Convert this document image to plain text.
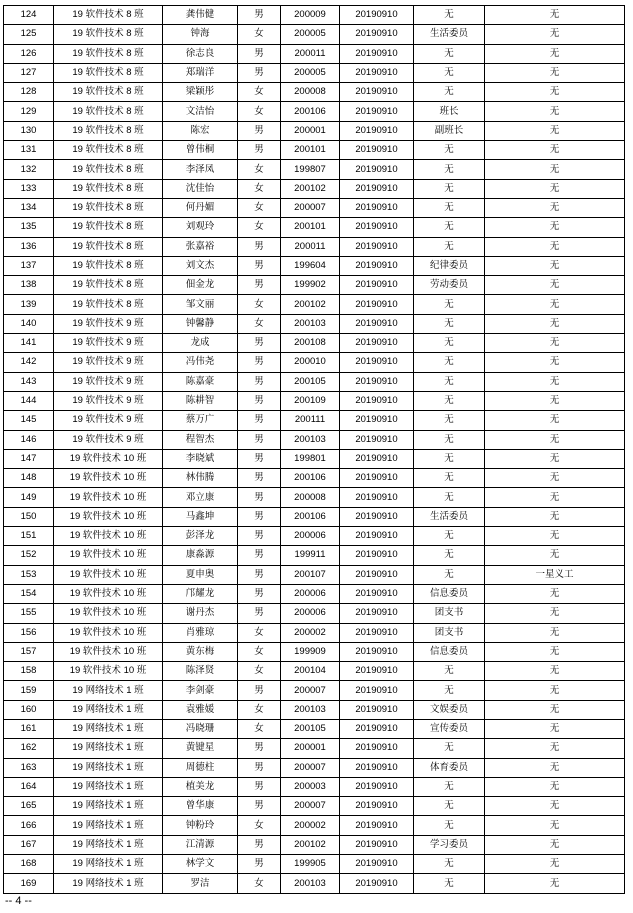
124	19 软件技术 8 班	龚伟健	男	200009	20190910	无	无
125	19 软件技术 8 班	钟海	女	200005	20190910	生活委员	无
126	19 软件技术 8 班	徐志良	男	200011	20190910	无	无
127	19 软件技术 8 班	郑瑞洋	男	200005	20190910	无	无
128	19 软件技术 8 班	梁颖彤	女	200008	20190910	无	无
129	19 软件技术 8 班	文洁怡	女	200106	20190910	班长	无
130	19 软件技术 8 班	陈宏	男	200001	20190910	副班长	无
131	19 软件技术 8 班	曾伟桐	男	200101	20190910	无	无
132	19 软件技术 8 班	李泽凤	女	199807	20190910	无	无
133	19 软件技术 8 班	沈佳怡	女	200102	20190910	无	无
134	19 软件技术 8 班	何丹媚	女	200007	20190910	无	无
135	19 软件技术 8 班	刘观玲	女	200101	20190910	无	无
136	19 软件技术 8 班	张嘉裕	男	200011	20190910	无	无
137	19 软件技术 8 班	刘文杰	男	199604	20190910	纪律委员	无
138	19 软件技术 8 班	佃金龙	男	199902	20190910	劳动委员	无
139	19 软件技术 8 班	邹文丽	女	200102	20190910	无	无
140	19 软件技术 9 班	钟馨静	女	200103	20190910	无	无
141	19 软件技术 9 班	龙成	男	200108	20190910	无	无
142	19 软件技术 9 班	冯伟尧	男	200010	20190910	无	无
143	19 软件技术 9 班	陈嘉豪	男	200105	20190910	无	无
144	19 软件技术 9 班	陈耕智	男	200109	20190910	无	无
145	19 软件技术 9 班	蔡万广	男	200111	20190910	无	无
146	19 软件技术 9 班	程智杰	男	200103	20190910	无	无
147	19 软件技术 10 班	李晓斌	男	199801	20190910	无	无
148	19 软件技术 10 班	林伟腾	男	200106	20190910	无	无
149	19 软件技术 10 班	邓立康	男	200008	20190910	无	无
150	19 软件技术 10 班	马鑫坤	男	200106	20190910	生活委员	无
151	19 软件技术 10 班	彭泽龙	男	200006	20190910	无	无
152	19 软件技术 10 班	康淼源	男	199911	20190910	无	无
153	19 软件技术 10 班	夏申奥	男	200107	20190910	无	一星义工
154	19 软件技术 10 班	邝耀龙	男	200006	20190910	信息委员	无
155	19 软件技术 10 班	谢丹杰	男	200006	20190910	团支书	无
156	19 软件技术 10 班	肖雅琼	女	200002	20190910	团支书	无
157	19 软件技术 10 班	黄东梅	女	199909	20190910	信息委员	无
158	19 软件技术 10 班	陈泽贤	女	200104	20190910	无	无
159	19 网络技术 1 班	李剑豪	男	200007	20190910	无	无
160	19 网络技术 1 班	袁雅媛	女	200103	20190910	文娱委员	无
161	19 网络技术 1 班	冯晓珊	女	200105	20190910	宣传委员	无
162	19 网络技术 1 班	黄键星	男	200001	20190910	无	无
163	19 网络技术 1 班	周德柱	男	200007	20190910	体育委员	无
164	19 网络技术 1 班	植美龙	男	200003	20190910	无	无
165	19 网络技术 1 班	曾华康	男	200007	20190910	无	无
166	19 网络技术 1 班	钟粉玲	女	200002	20190910	无	无
167	19 网络技术 1 班	江清源	男	200102	20190910	学习委员	无
168	19 网络技术 1 班	林学文	男	199905	20190910	无	无
169	19 网络技术 1 班	罗洁	女	200103	20190910	无	无
-- 4 --
